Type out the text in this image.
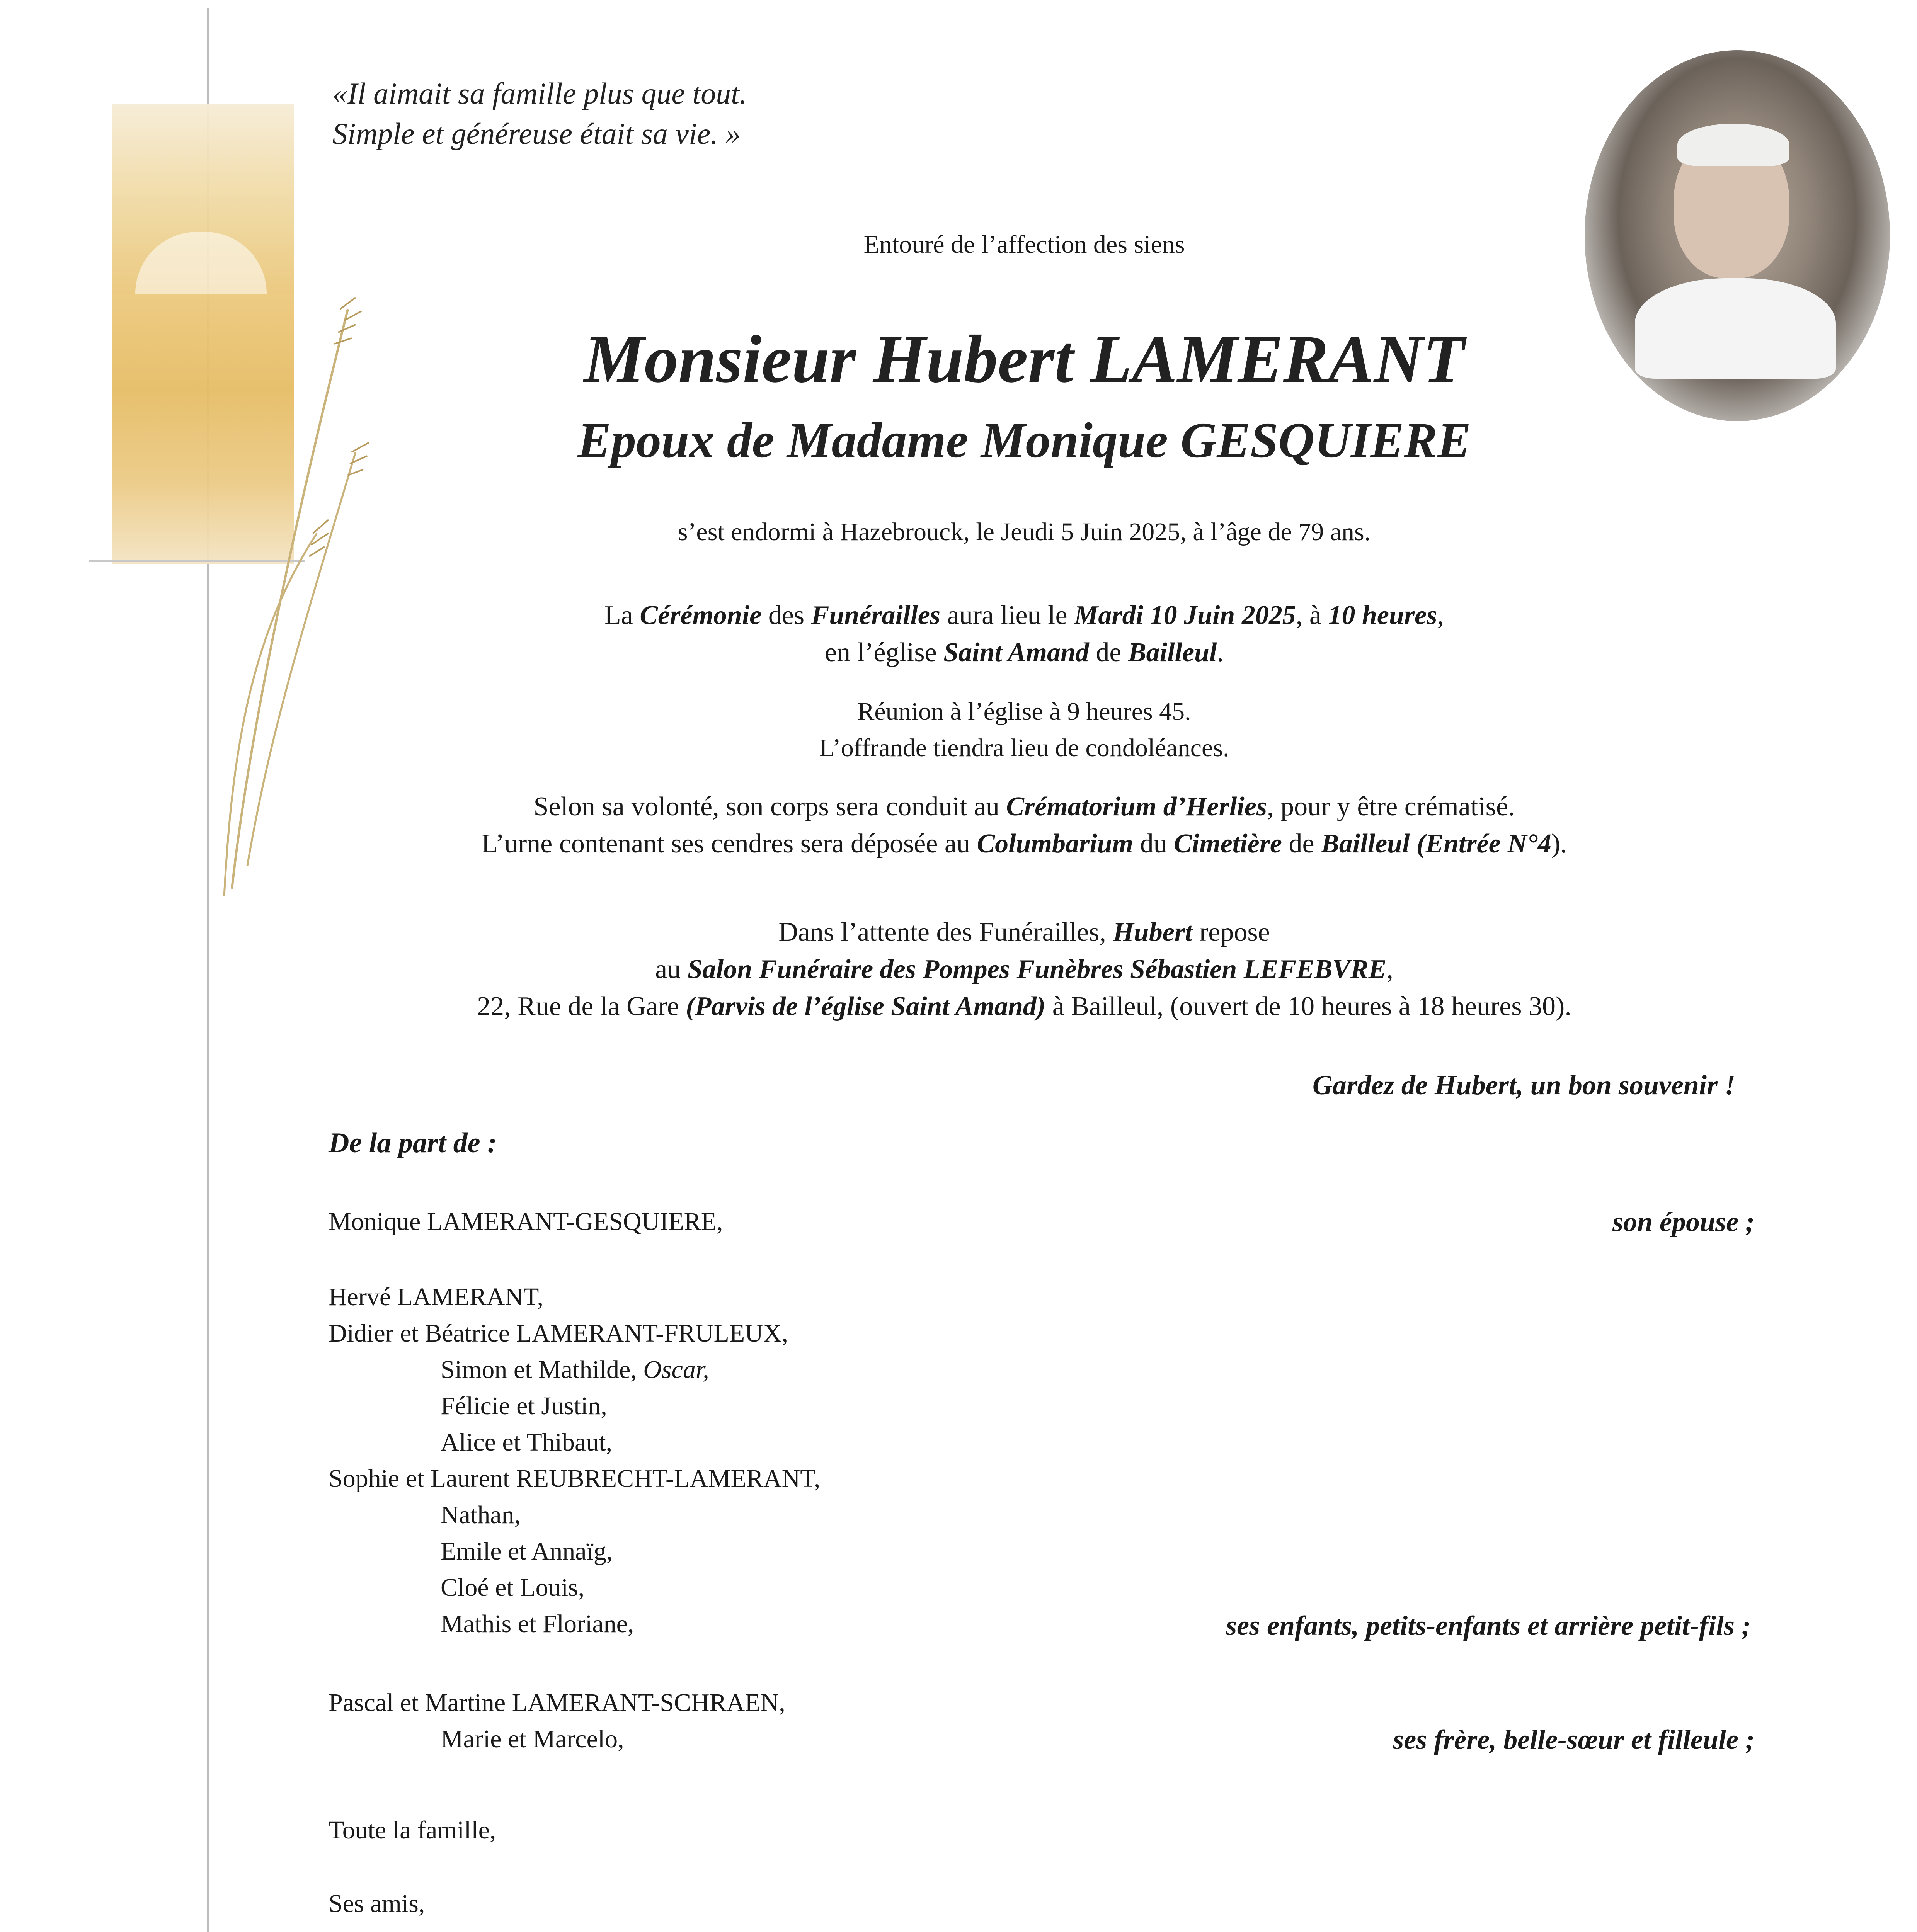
«Il aimait sa famille plus que tout.
Simple et généreuse était sa vie. »
Entouré de l’affection des siens
Monsieur Hubert LAMERANT
Epoux de Madame Monique GESQUIERE
s’est endormi à Hazebrouck, le Jeudi 5 Juin 2025, à l’âge de 79 ans.
La Cérémonie des Funérailles aura lieu le Mardi 10 Juin 2025, à 10 heures,
en l’église Saint Amand de Bailleul.
Réunion à l’église à 9 heures 45.
L’offrande tiendra lieu de condoléances.
Selon sa volonté, son corps sera conduit au Crématorium d’Herlies, pour y être crématisé.
L’urne contenant ses cendres sera déposée au Columbarium du Cimetière de Bailleul (Entrée N°4).
Dans l’attente des Funérailles, Hubert repose
au Salon Funéraire des Pompes Funèbres Sébastien LEFEBVRE,
22, Rue de la Gare (Parvis de l’église Saint Amand) à Bailleul, (ouvert de 10 heures à 18 heures 30).
Gardez de Hubert, un bon souvenir !
De la part de :
Monique LAMERANT-GESQUIERE,	son épouse ;
Hervé LAMERANT,
Didier et Béatrice LAMERANT-FRULEUX,
Simon et Mathilde, Oscar,
Félicie et Justin,
Alice et Thibaut,
Sophie et Laurent REUBRECHT-LAMERANT,
Nathan,
Emile et Annaïg,
Cloé et Louis,
Mathis et Floriane,	ses enfants, petits-enfants et arrière petit-fils ;
Pascal et Martine LAMERANT-SCHRAEN,
Marie et Marcelo,	ses frère, belle-sœur et filleule ;
Toute la famille,
Ses amis,
